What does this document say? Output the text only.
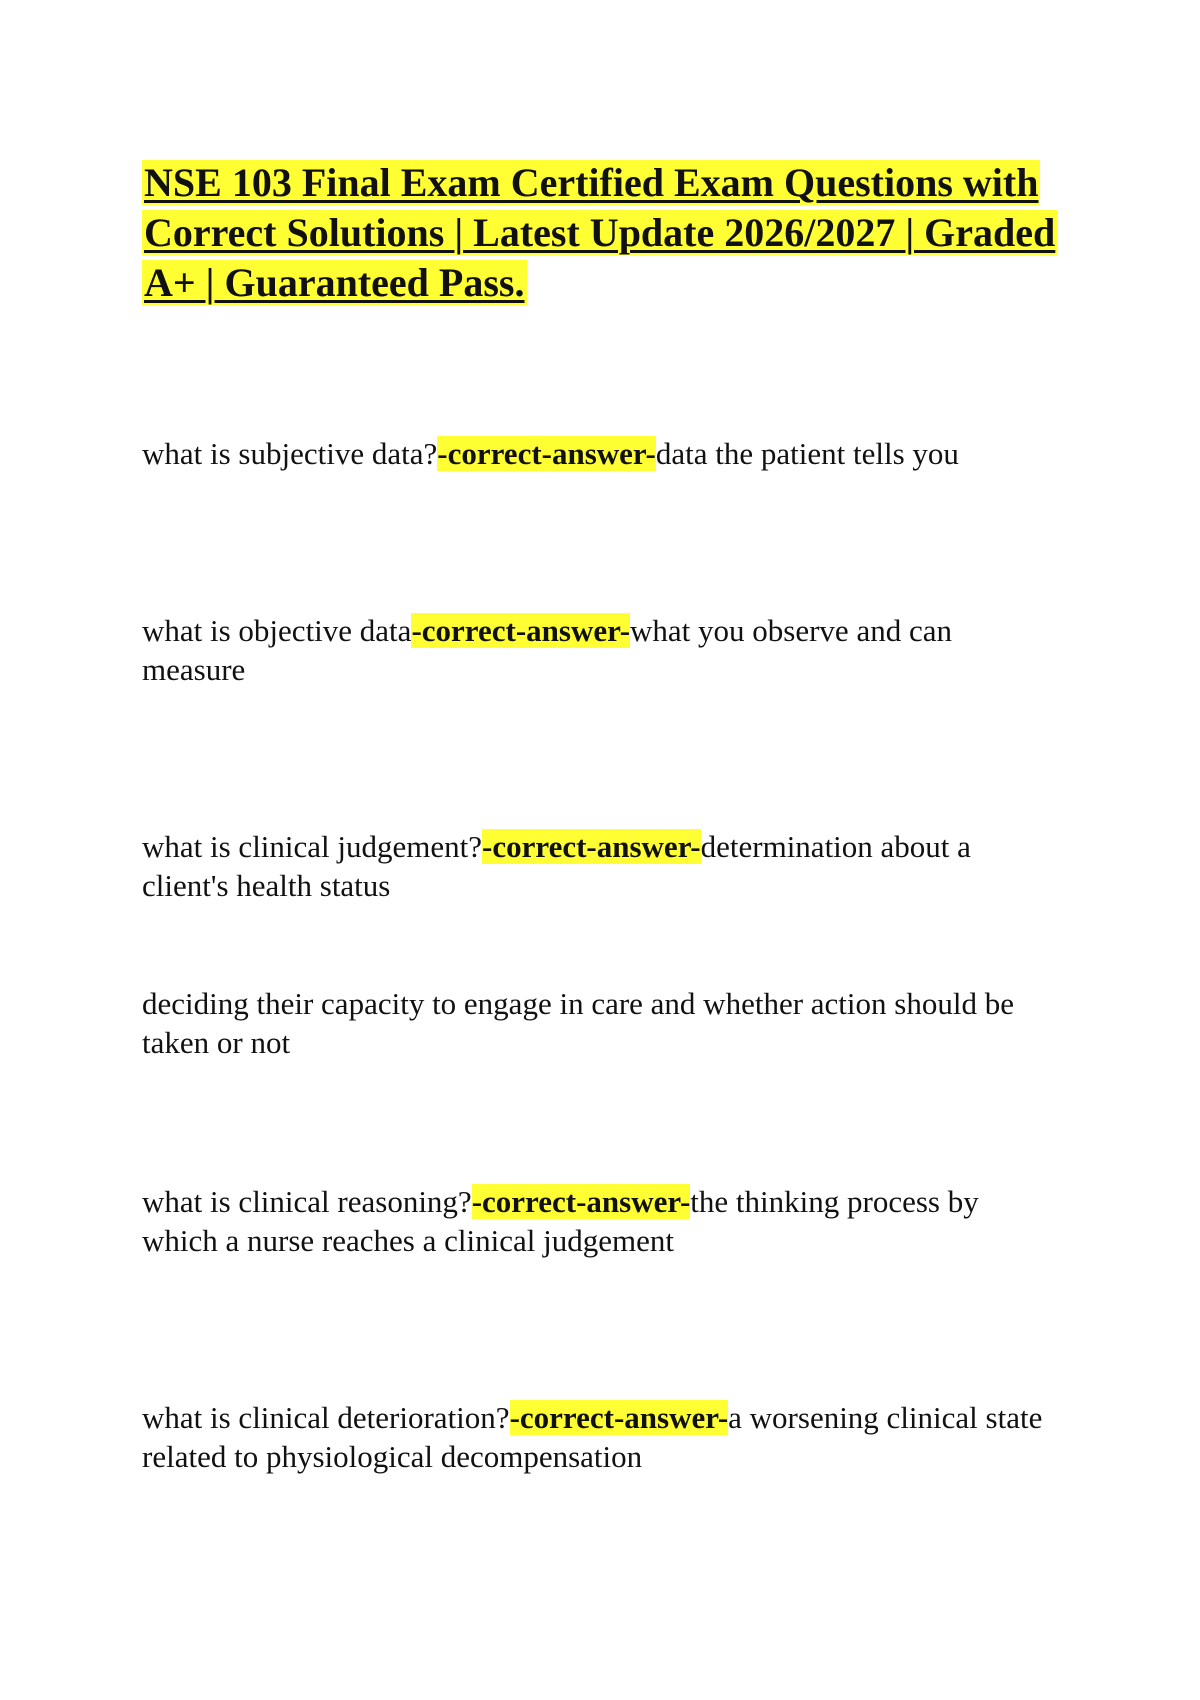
NSE 103 Final Exam Certified Exam Questions with Correct Solutions | Latest Update 2026/2027 | Graded A+ | Guaranteed Pass.

what is subjective data?-correct-answer-data the patient tells you

what is objective data-correct-answer-what you observe and can measure

what is clinical judgement?-correct-answer-determination about a client's health status

deciding their capacity to engage in care and whether action should be taken or not

what is clinical reasoning?-correct-answer-the thinking process by which a nurse reaches a clinical judgement

what is clinical deterioration?-correct-answer-a worsening clinical state related to physiological decompensation
